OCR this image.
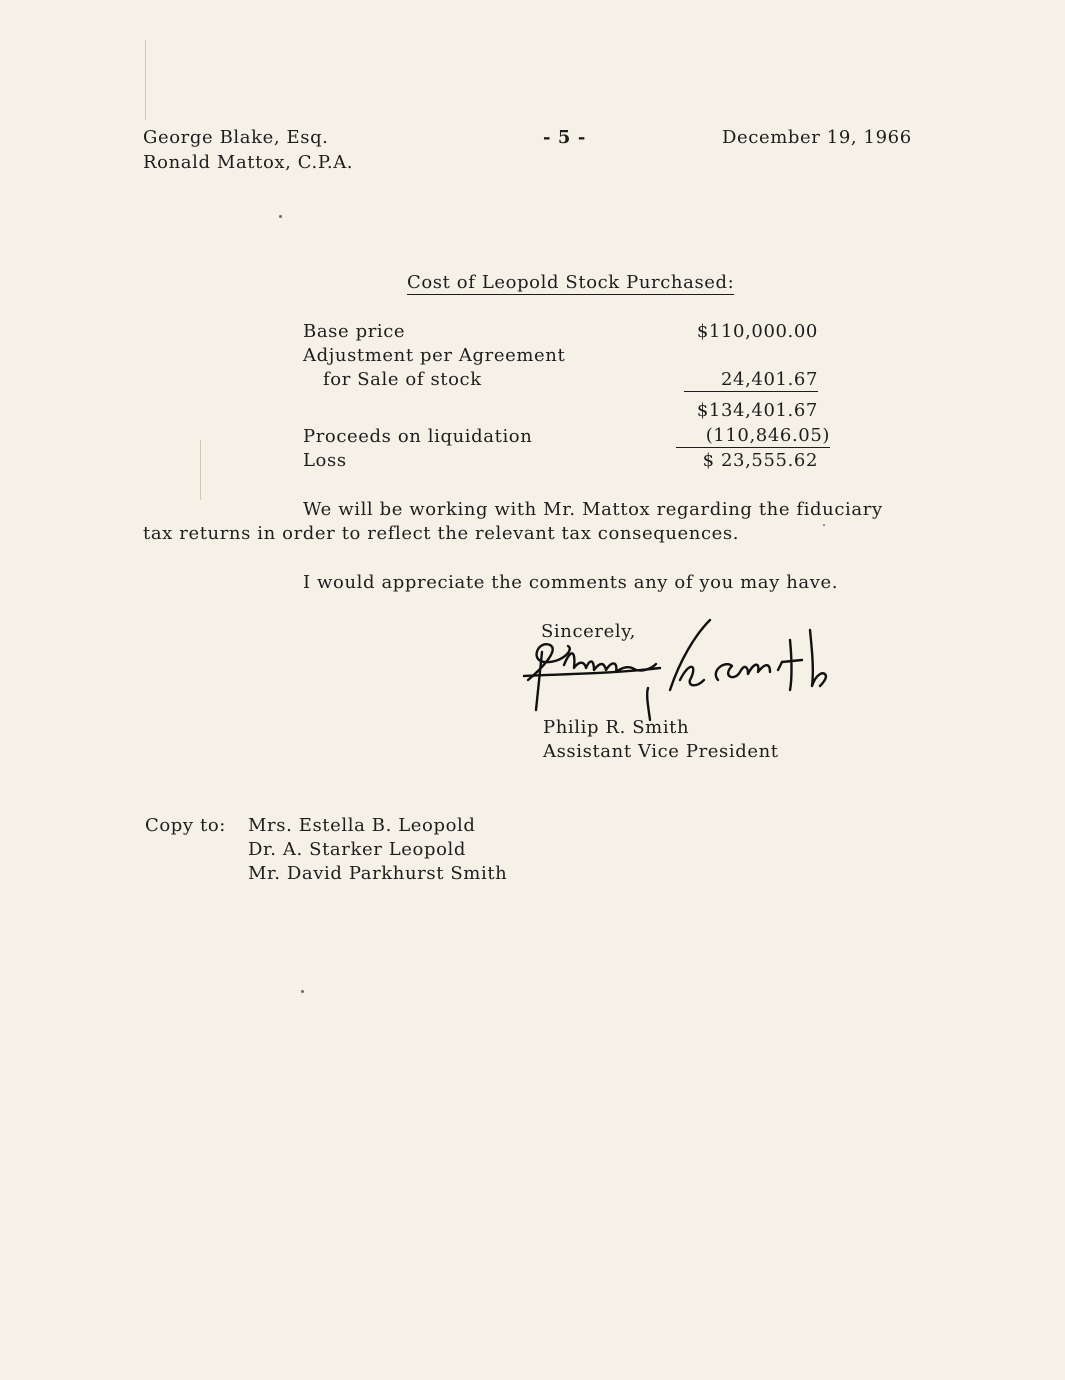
George Blake, Esq.
Ronald Mattox, C.P.A.
- 5 -	December 19, 1966
Cost of Leopold Stock Purchased:
Base price	$110,000.00
Adjustment per Agreement
for Sale of stock	24,401.67
$134,401.67
Proceeds on liquidation	(110,846.05)
Loss	$ 23,555.62
We will be working with Mr. Mattox regarding the fiduciary
tax returns in order to reflect the relevant tax consequences.
I would appreciate the comments any of you may have.
Sincerely,
Philip R. Smith
Assistant Vice President
Copy to: Mrs. Estella B. Leopold
Dr. A. Starker Leopold
Mr. David Parkhurst Smith
